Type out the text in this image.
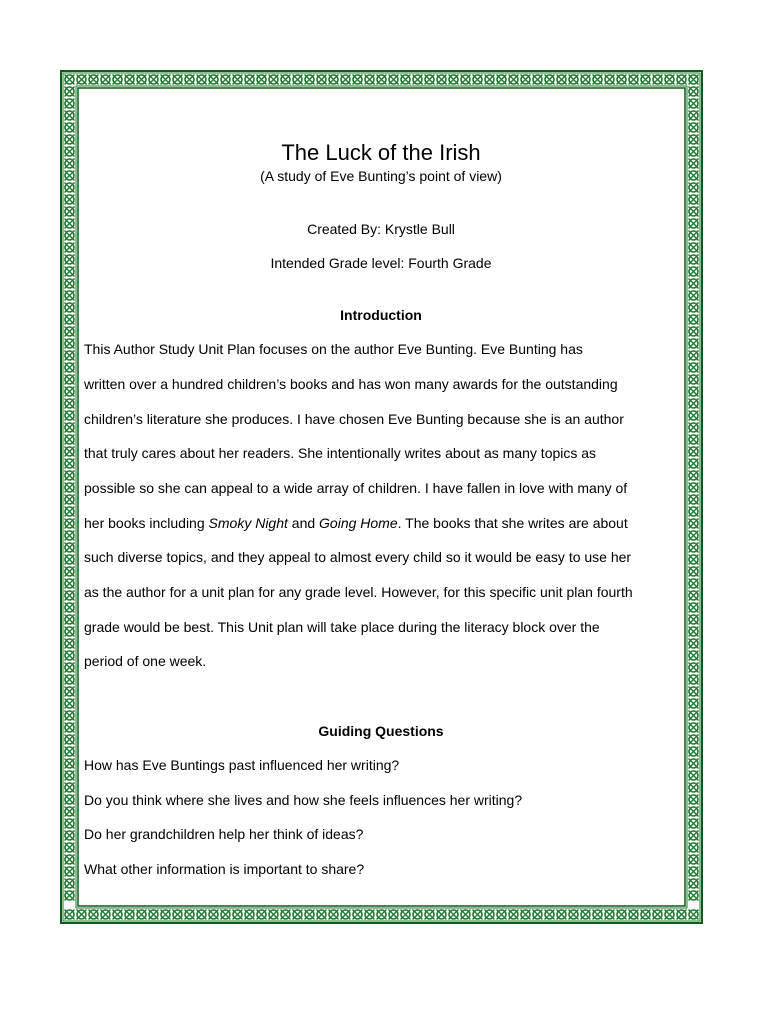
The Luck of the Irish
(A study of Eve Bunting’s point of view)
Created By: Krystle Bull
Intended Grade level: Fourth Grade
Introduction
This Author Study Unit Plan focuses on the author Eve Bunting. Eve Bunting has
written over a hundred children’s books and has won many awards for the outstanding
children’s literature she produces. I have chosen Eve Bunting because she is an author
that truly cares about her readers. She intentionally writes about as many topics as
possible so she can appeal to a wide array of children. I have fallen in love with many of
her books including Smoky Night and Going Home. The books that she writes are about
such diverse topics, and they appeal to almost every child so it would be easy to use her
as the author for a unit plan for any grade level. However, for this specific unit plan fourth
grade would be best. This Unit plan will take place during the literacy block over the
period of one week.
Guiding Questions
How has Eve Buntings past influenced her writing?
Do you think where she lives and how she feels influences her writing?
Do her grandchildren help her think of ideas?
What other information is important to share?
